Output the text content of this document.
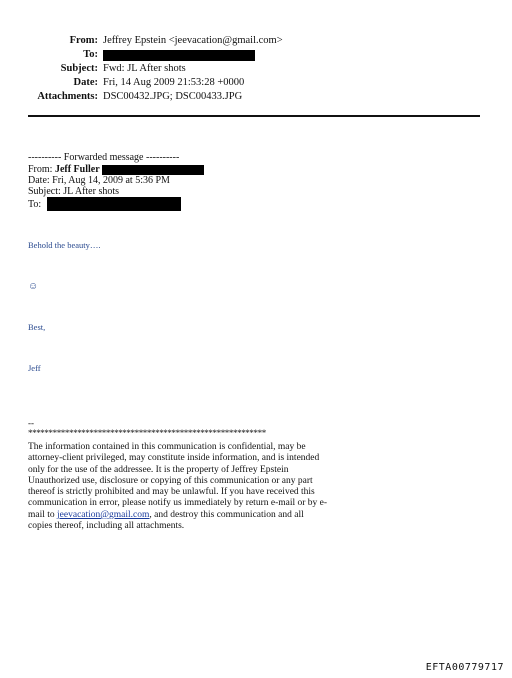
From: Jeffrey Epstein <jeevacation@gmail.com>
To:
Subject: Fwd: JL After shots
Date: Fri, 14 Aug 2009 21:53:28 +0000
Attachments: DSC00432.JPG; DSC00433.JPG
---------- Forwarded message ----------
From: Jeff Fuller
Date: Fri, Aug 14, 2009 at 5:36 PM
Subject: JL After shots
To:
Behold the beauty….
☺
Best,
Jeff
--
**********************************************************
The information contained in this communication is confidential, may be attorney-client privileged, may constitute inside information, and is intended only for the use of the addressee. It is the property of Jeffrey Epstein Unauthorized use, disclosure or copying of this communication or any part thereof is strictly prohibited and may be unlawful. If you have received this communication in error, please notify us immediately by return e-mail or by e-mail to jeevacation@gmail.com, and destroy this communication and all copies thereof, including all attachments.
EFTA00779717
